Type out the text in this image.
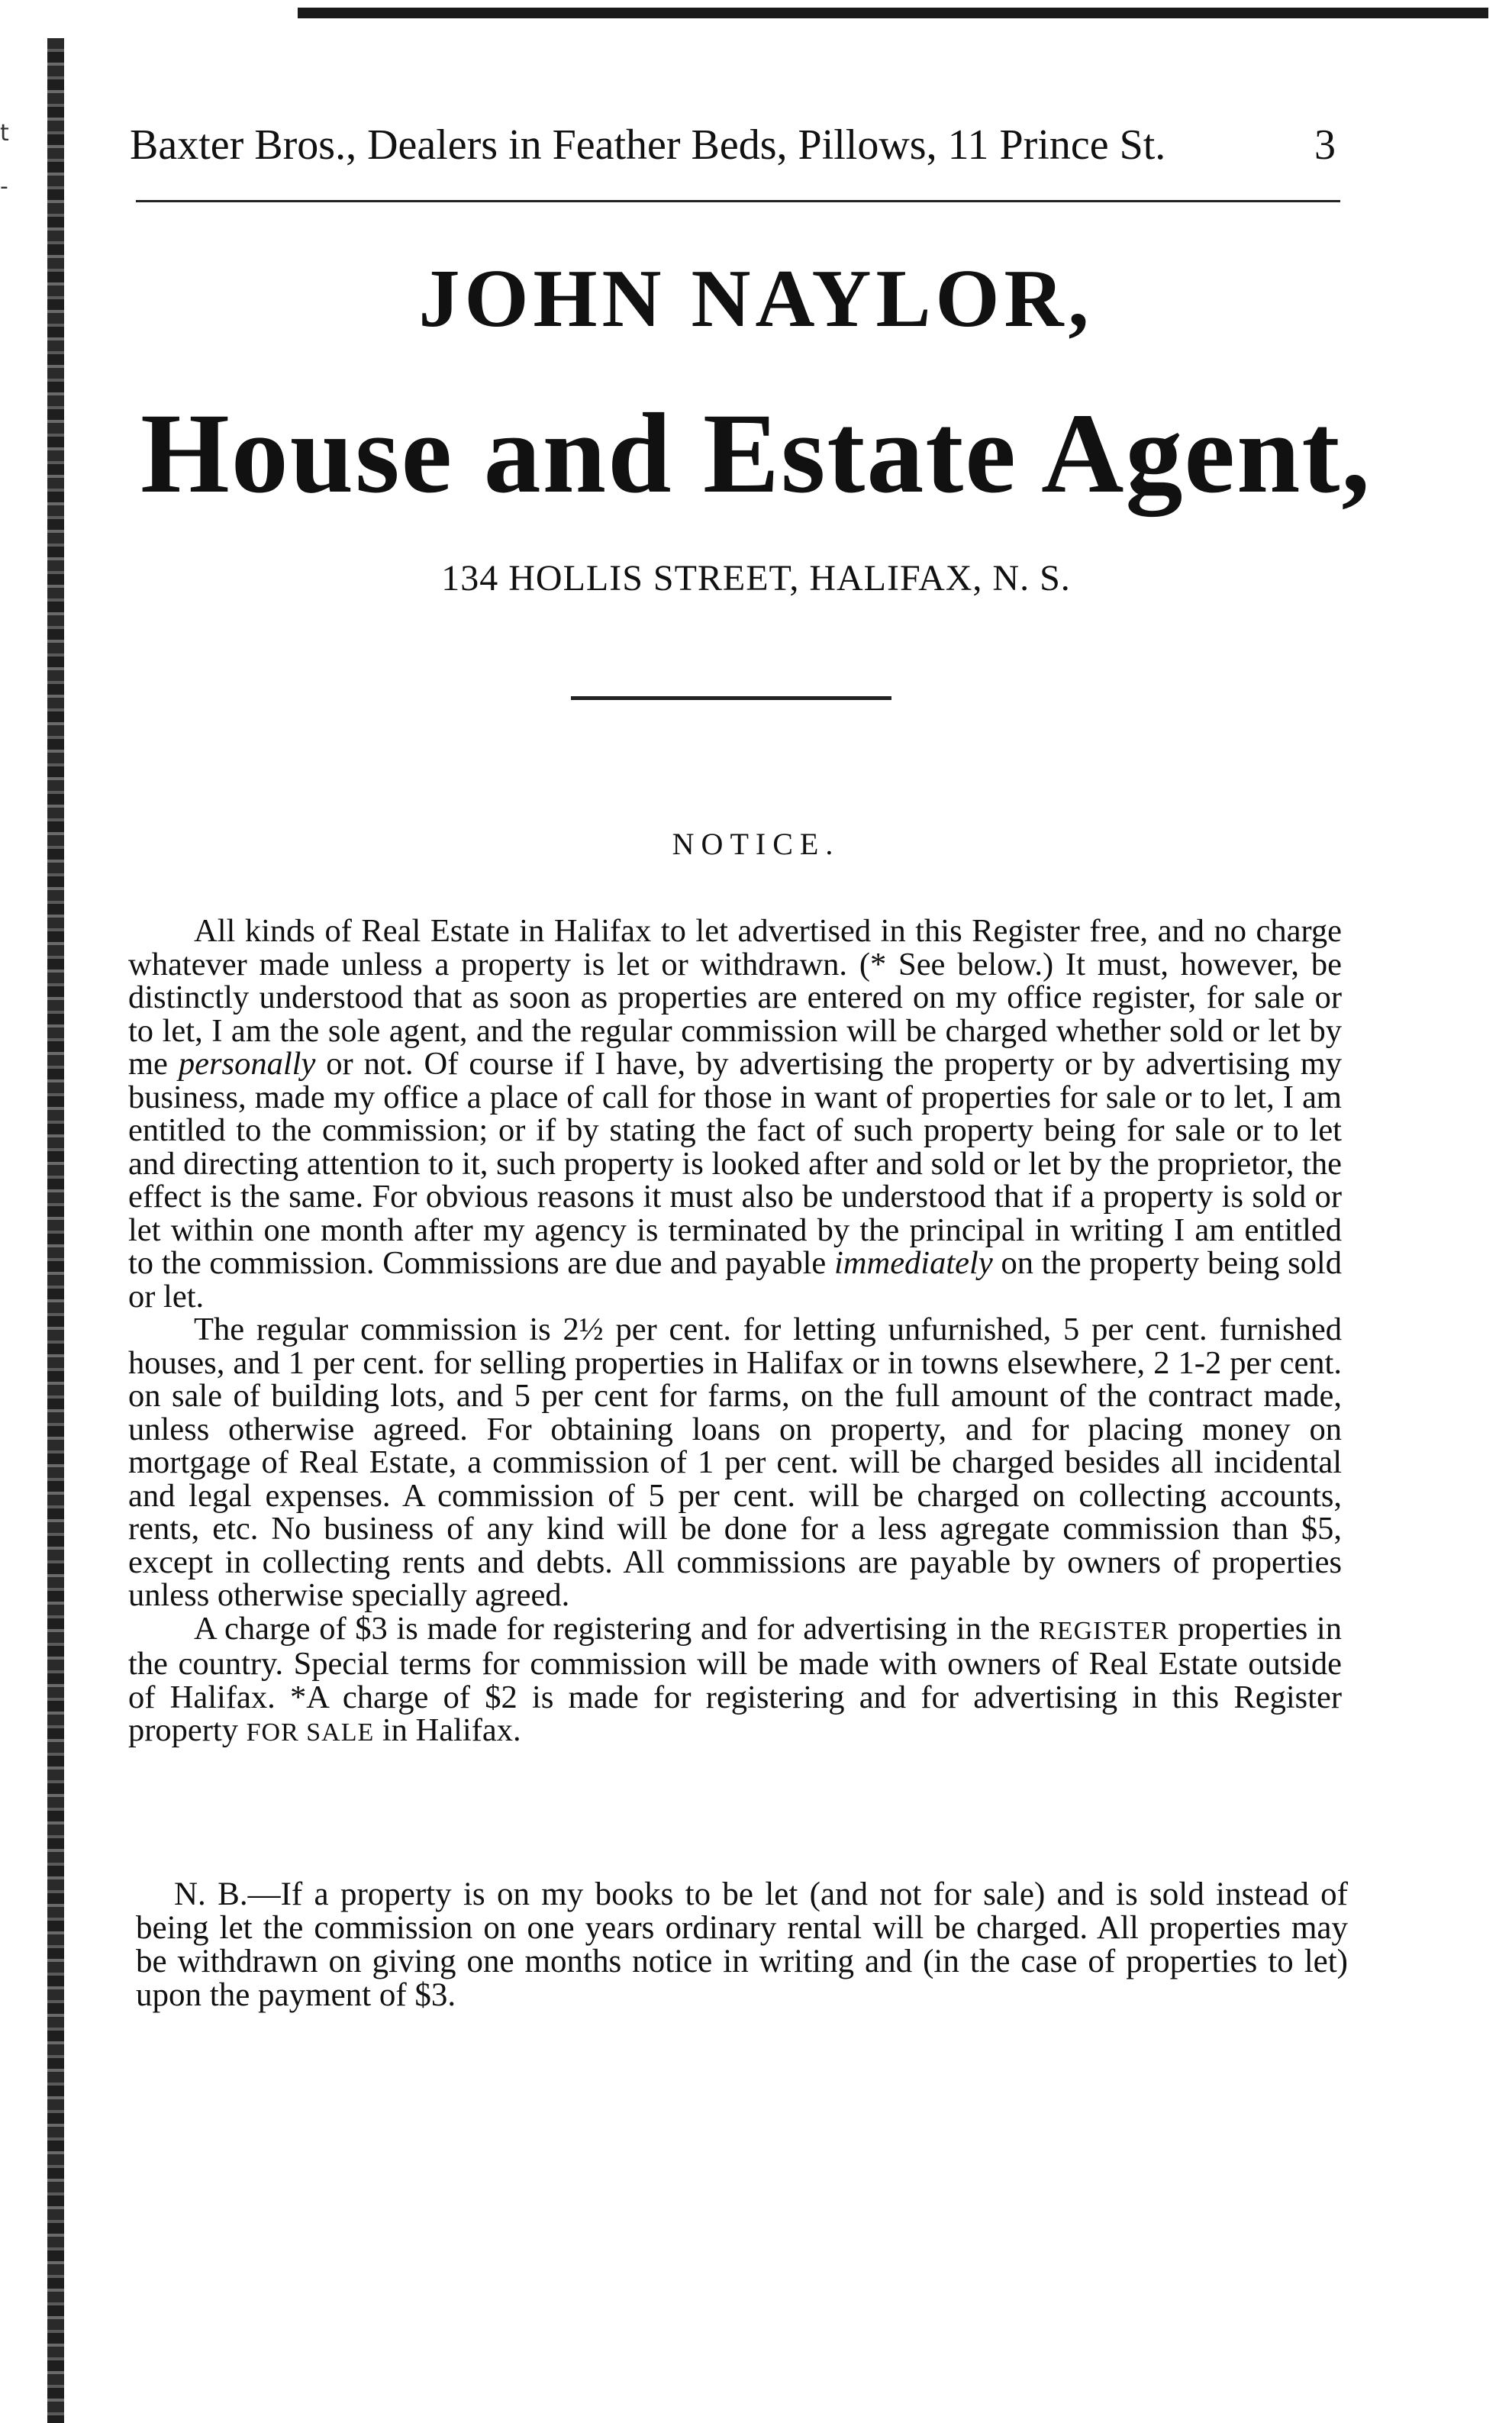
t
-
Baxter Bros., Dealers in Feather Beds, Pillows, 11 Prince St.	3
JOHN NAYLOR,
House and Estate Agent,
134 HOLLIS STREET, HALIFAX, N. S.
NOTICE.

All kinds of Real Estate in Halifax to let advertised in this Register free, and no charge whatever made unless a property is let or withdrawn. (* See below.) It must, however, be distinctly understood that as soon as properties are entered on my office register, for sale or to let, I am the sole agent, and the regular commission will be charged whether sold or let by me personally or not. Of course if I have, by advertising the property or by advertising my business, made my office a place of call for those in want of properties for sale or to let, I am entitled to the commission; or if by stating the fact of such property being for sale or to let and directing attention to it, such property is looked after and sold or let by the proprietor, the effect is the same. For obvious reasons it must also be understood that if a property is sold or let within one month after my agency is terminated by the principal in writing I am entitled to the commission. Commissions are due and payable immediately on the property being sold or let.

The regular commission is 2½ per cent. for letting unfurnished, 5 per cent. furnished houses, and 1 per cent. for selling properties in Halifax or in towns elsewhere, 2 1-2 per cent. on sale of building lots, and 5 per cent for farms, on the full amount of the contract made, unless otherwise agreed. For obtaining loans on property, and for placing money on mortgage of Real Estate, a commission of 1 per cent. will be charged besides all incidental and legal expenses. A commission of 5 per cent. will be charged on collecting accounts, rents, etc. No business of any kind will be done for a less agregate commission than $5, except in collecting rents and debts. All commissions are payable by owners of properties unless otherwise specially agreed.

A charge of $3 is made for registering and for advertising in the REGISTER properties in the country. Special terms for commission will be made with owners of Real Estate outside of Halifax. *A charge of $2 is made for registering and for advertising in this Register property FOR SALE in Halifax.

N. B.—If a property is on my books to be let (and not for sale) and is sold instead of being let the commission on one years ordinary rental will be charged. All properties may be withdrawn on giving one months notice in writing and (in the case of properties to let) upon the payment of $3.
